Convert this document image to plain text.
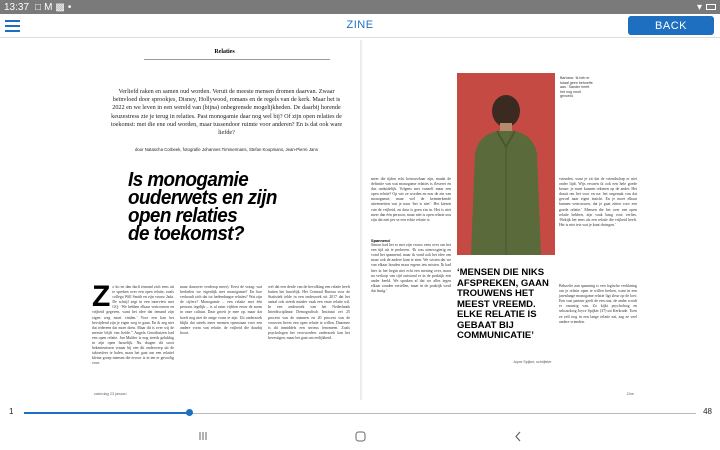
13:37 □ M ▩ •	▾
ZINE	BACK
Relaties
Verliefd raken en samen oud worden. Veruit de meeste mensen dromen daarvan. Zwaar beïnvloed door sprookjes, Disney, Hollywood, romans en de regels van de kerk. Maar het is 2022 en we leven in een wereld van (bijna) onbegrensde mogelijkheden. De daarbij horende keuzestress zie je terug in relaties. Past monogamie daar nog wel bij? Of zijn open relaties de toekomst: met die ene oud worden, maar tussendoor ruimte voor anderen? En is dat ook ware liefde?
door Natascha Corbeek, fotografie Johannes Timmermans, Stefan Koopmans, Jean-Pierre Jans
Is monogamie
ouderwets en zijn
open relaties
de toekomst?
Z o ko en dan durft iemand zich eens uit te spreken over een open relatie, zoals collega Will Smith en zijn vrouw Jada. De schrijf zegt in een interview met GQ: ‘We hebben elkaar vertrouwen en vrijheid gegeven, want het idee dat iemand zijn eigen weg moet vinden.’ Voor een kan het bevrijdend zijn je eigen weg te gaan. En ik zeg niet dat iedereen dat moet doen. Maar dit is over wij de meeste blijft van liefde.” Angela Groothuizen had een open relatie. Jan Mulder is nog steeds gelukkig in zijn open huwelijk. Nu dragen dit soort bekentenissen vrnaar bij een dit onderwerp uit de taboesfeer te halen, maar het gaat om een relatief kleine groep mensen die ervoor is in ten er gevoelig voor.
maar daarover verderop meer). Eerst de vraag: wat bedoelen we eigenlijk met monogamie? En hoe verhoudt zich dat tot hedendaagse relaties? Wat zijn de cijfers? Monogamie – een relatie met één persoon tegelijk – is al ruim vijftien eeuw de norm in onze cultuur. Daar groeit je mee op, maar dat hoeft nog niet de enige vorm te zijn. Uit onderzoek blijkt dat steeds meer mensen openstaan voor een andere vorm van relatie, de vrijheid die daarbij hoort.
wel dat een derde van de bevolking een relatie heeft buiten het huwelijk. Het Centraal Bureau voor de Statistiek telde in een onderzoek uit 2017 dat het aantal ook steeds minder vaak een vaste relatie wil. In een onderzoek van het Nederlands Interdisciplinair Demografisch Instituut zei 25 procent van de mannen en 20 procent van de vrouwen liever een open relatie te willen. Daarmee is dit inmiddels een serieus fenomeen. Zoals psychologen het verwoorden: onderzoek kan het bevestigen, maar het gaat om eerlijkheid.
zaterdag 23 januari
meer die tijden echt betrouwbaar zijn, maakt de definitie van wat monogame relaties is flexerer en dus onduidelijk. Volgens met vanzelf maar een open relatie? Op wie ze worden en nou de zin van monogamie, maar wel de kenmerkende uiteenzetten wat je naar ‘het is niet’. Het kiezen van de vrijheid, en daar is geen zin in. Het is niet meer dan één persoon, maar niet is open relatie zou zijn dat niet per se een echte relatie is.
Spannend
Simon had het er met zijn vrouw eens over om het een tijd uit te proberen. ‘Ik was nieuwsgierig en vond het spannend, maar ik vond ook het idee om maar ook de andere kant te zien. We wisten dat we van elkaar houden maar ergens iets misten. Ik had hier in het begin niet echt een mening over, maar na verloop van tijd ontstond er in de praktijk een ander beeld. We spraken af dat we alles tegen elkaar zouden vertellen, maar in de praktijk werd dat lastig.’
Barbara: ‘Ik heb er totaal geen behoefte aan.’ Sander heeft het nog nooit gevoeld.
‘MENSEN DIE NIKS AFSPREKEN, GAAN TROUWENS HET MEEST VREEMD. ELKE RELATIE IS GEBAAT BIJ COMMUNICATIE’
Joyce Spijker, schrijfster
vrienden, want je zit dat de vriendschap er niet onder lijdt. Wijs ervaren ik ook een hele goede keuze: je moet kunnen rekenen op de ander. Het draait om het voor en na: het ongemak van dat gevoel naar eigen inzicht. En je moet elkaar kunnen vertrouwen, dat je gaat zitten voor een goede relatie.’ Mensen die het over een open relatie hebben, zijn vaak bang voor verlies. ‘Bekijk het eens als een relatie die vrijheid heeft. Het is niet iets wat je kunt dwingen.’
Behoefte aan spanning is een logische verklaring om je relatie open te willen breken, want in een jarenlange monogame relatie ligt sleur op de loer. Een vast partner geeft de een rust, de ander wordt er onrustig van. Zo kijkt psycholoog en seksuoloog Joyce Spijker (37) uit Kerkrade. Toen ze zelf nog in een lange relatie zat, zag ze veel andere vrienden.
Zine
1	48
